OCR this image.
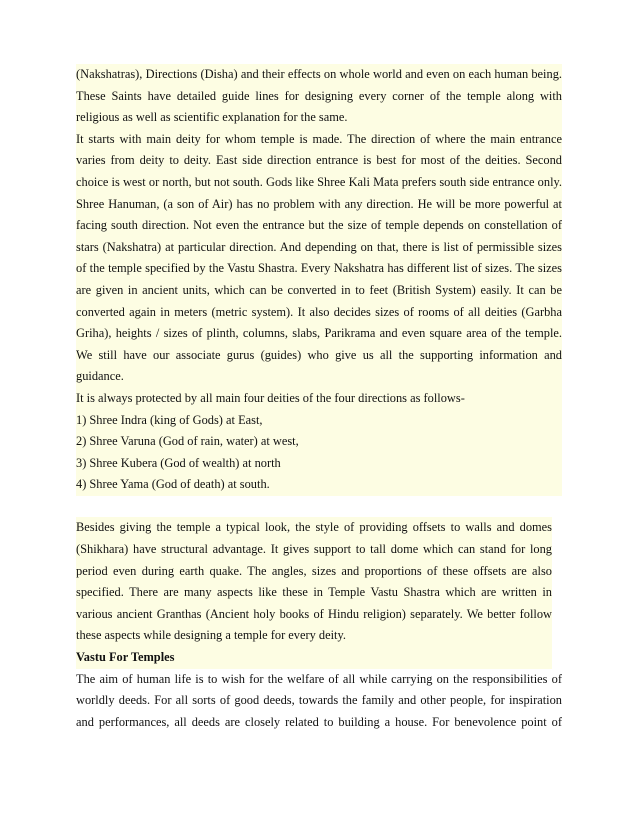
(Nakshatras), Directions (Disha) and their effects on whole world and even on each human being. These Saints have detailed guide lines for designing every corner of the temple along with religious as well as scientific explanation for the same.

It starts with main deity for whom temple is made. The direction of where the main entrance varies from deity to deity. East side direction entrance is best for most of the deities. Second choice is west or north, but not south. Gods like Shree Kali Mata prefers south side entrance only. Shree Hanuman, (a son of Air) has no problem with any direction. He will be more powerful at facing south direction. Not even the entrance but the size of temple depends on constellation of stars (Nakshatra) at particular direction. And depending on that, there is list of permissible sizes of the temple specified by the Vastu Shastra. Every Nakshatra has different list of sizes. The sizes are given in ancient units, which can be converted in to feet (British System) easily. It can be converted again in meters (metric system). It also decides sizes of rooms of all deities (Garbha Griha), heights / sizes of plinth, columns, slabs, Parikrama and even square area of the temple. We still have our associate gurus (guides) who give us all the supporting information and guidance.

It is always protected by all main four deities of the four directions as follows-

1) Shree Indra (king of Gods) at East,

2) Shree Varuna (God of rain, water) at west,

3) Shree Kubera (God of wealth) at north

4) Shree Yama (God of death) at south.

Besides giving the temple a typical look, the style of providing offsets to walls and domes (Shikhara) have structural advantage. It gives support to tall dome which can stand for long period even during earth quake. The angles, sizes and proportions of these offsets are also specified. There are many aspects like these in Temple Vastu Shastra which are written in various ancient Granthas (Ancient holy books of Hindu religion) separately. We better follow these aspects while designing a temple for every deity.

Vastu For Temples

The aim of human life is to wish for the welfare of all while carrying on the responsibilities of worldly deeds. For all sorts of good deeds, towards the family and other people, for inspiration and performances, all deeds are closely related to building a house. For benevolence point of
